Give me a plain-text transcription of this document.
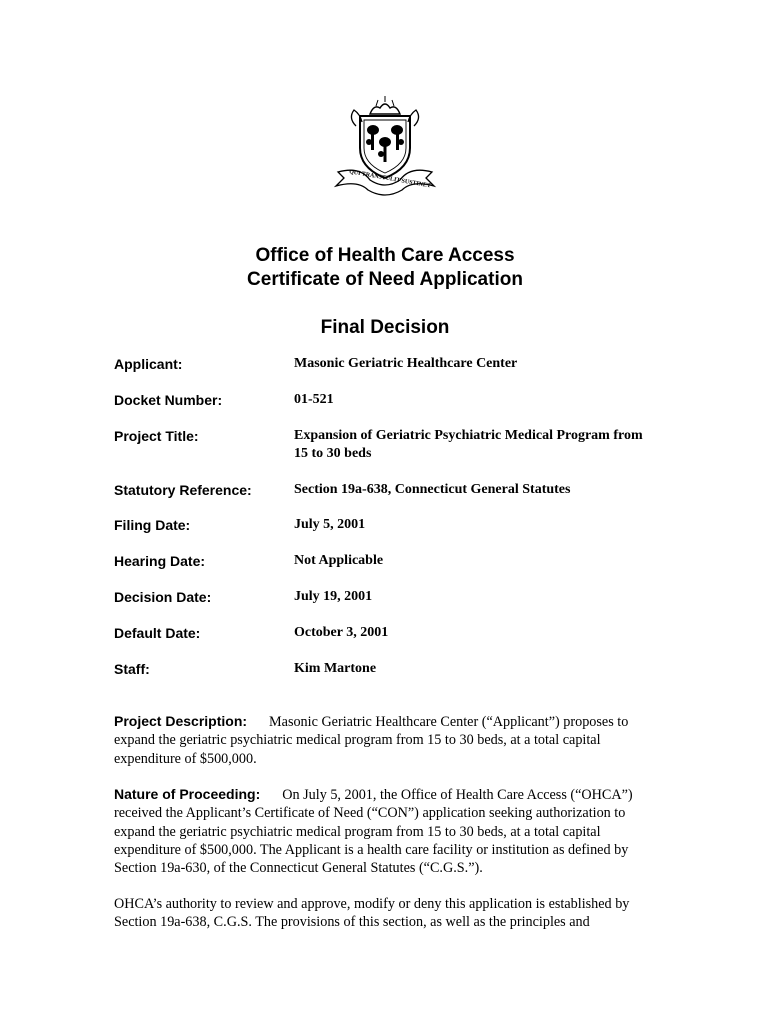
QUI TRANSTULIT SUSTINET
Office of Health Care Access
Certificate of Need Application
Final Decision
Applicant:	Masonic Geriatric Healthcare Center
Docket Number:	01-521
Project Title:	Expansion of Geriatric Psychiatric Medical Program from 15 to 30 beds
Statutory Reference:	Section 19a-638, Connecticut General Statutes
Filing Date:	July 5, 2001
Hearing Date:	Not Applicable
Decision Date:	July 19, 2001
Default Date:	October 3, 2001
Staff:	Kim Martone
Project Description: Masonic Geriatric Healthcare Center (“Applicant”) proposes to expand the geriatric psychiatric medical program from 15 to 30 beds, at a total capital expenditure of $500,000.
Nature of Proceeding: On July 5, 2001, the Office of Health Care Access (“OHCA”) received the Applicant’s Certificate of Need (“CON”) application seeking authorization to expand the geriatric psychiatric medical program from 15 to 30 beds, at a total capital expenditure of $500,000. The Applicant is a health care facility or institution as defined by Section 19a-630, of the Connecticut General Statutes (“C.G.S.”).
OHCA’s authority to review and approve, modify or deny this application is established by Section 19a-638, C.G.S. The provisions of this section, as well as the principles and
